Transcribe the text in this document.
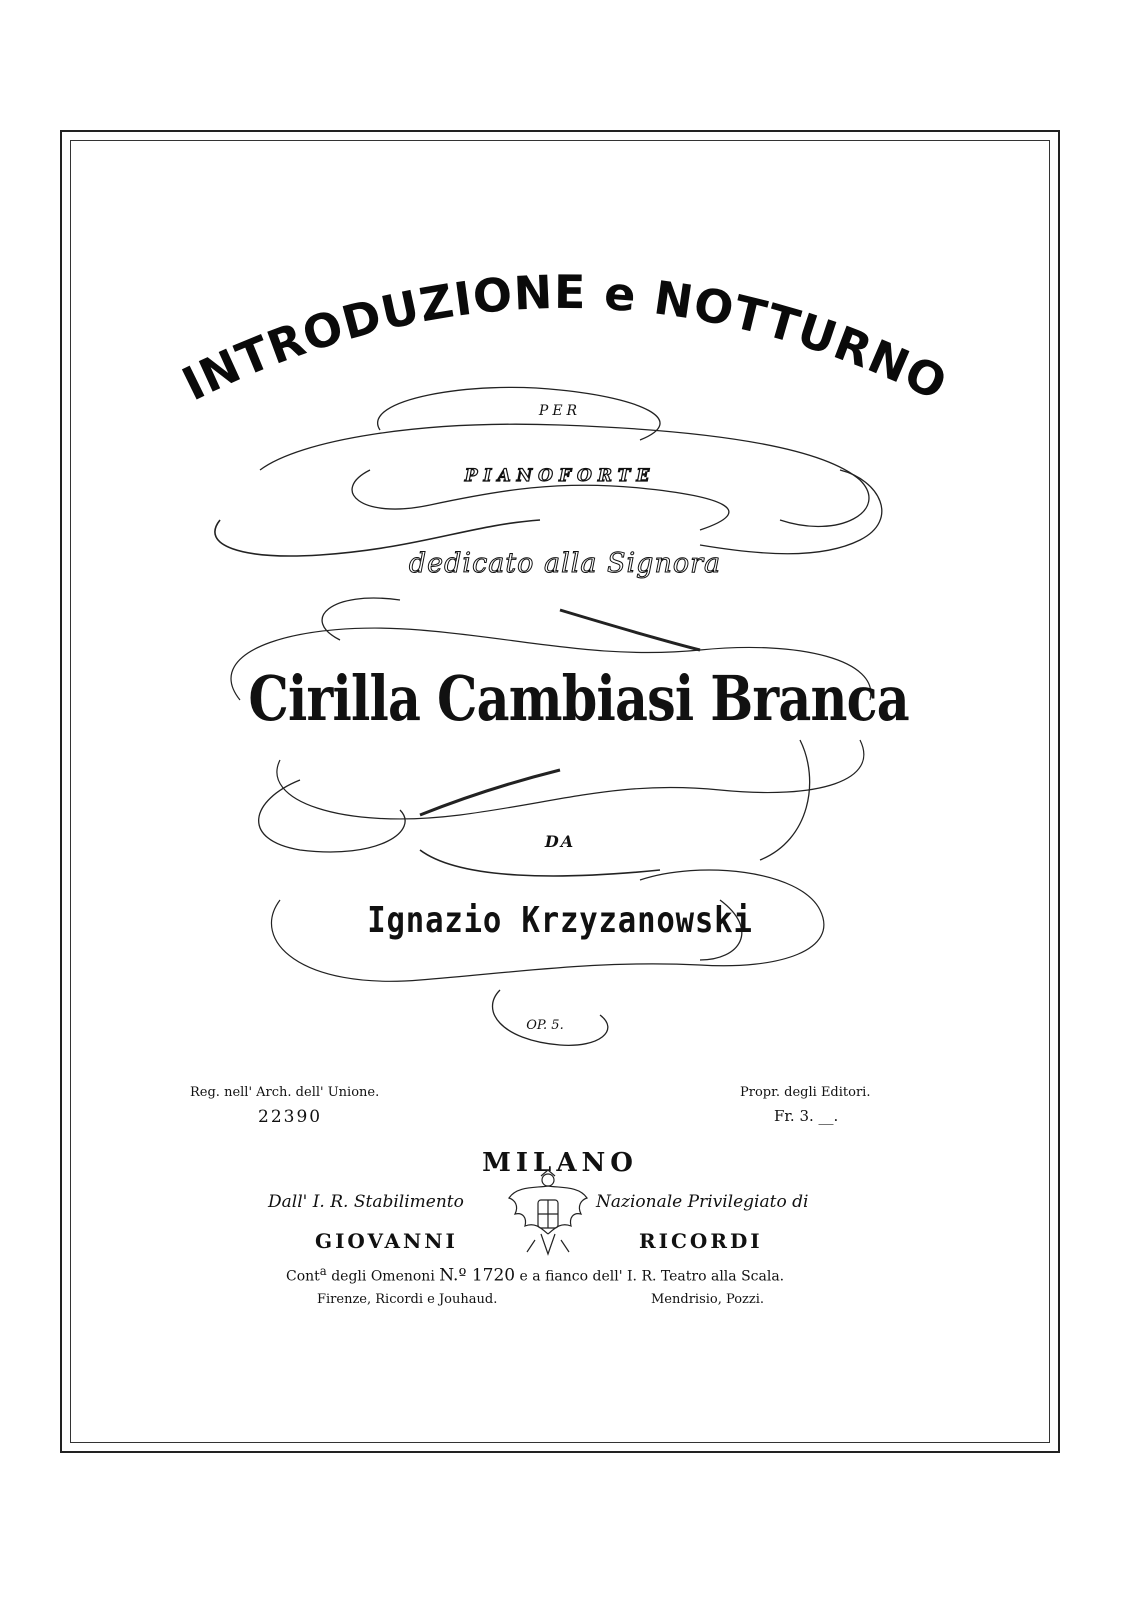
INTRODUZIONE e NOTTURNO
PER
PIANOFORTE
dedicato alla Signora
Cirilla Cambiasi Branca
DA
Ignazio Krzyzanowski
OP. 5.
Reg. nell' Arch. dell' Unione.
22390
Propr. degli Editori.
Fr. 3. __.
MILANO
Dall' I. R. Stabilimento	Nazionale Privilegiato di
GIOVANNI	RICORDI
Cont$^a$ degli Omenoni N.º 1720 e a fianco dell' I. R. Teatro alla Scala.
Firenze, Ricordi e Jouhaud.	Mendrisio, Pozzi.
